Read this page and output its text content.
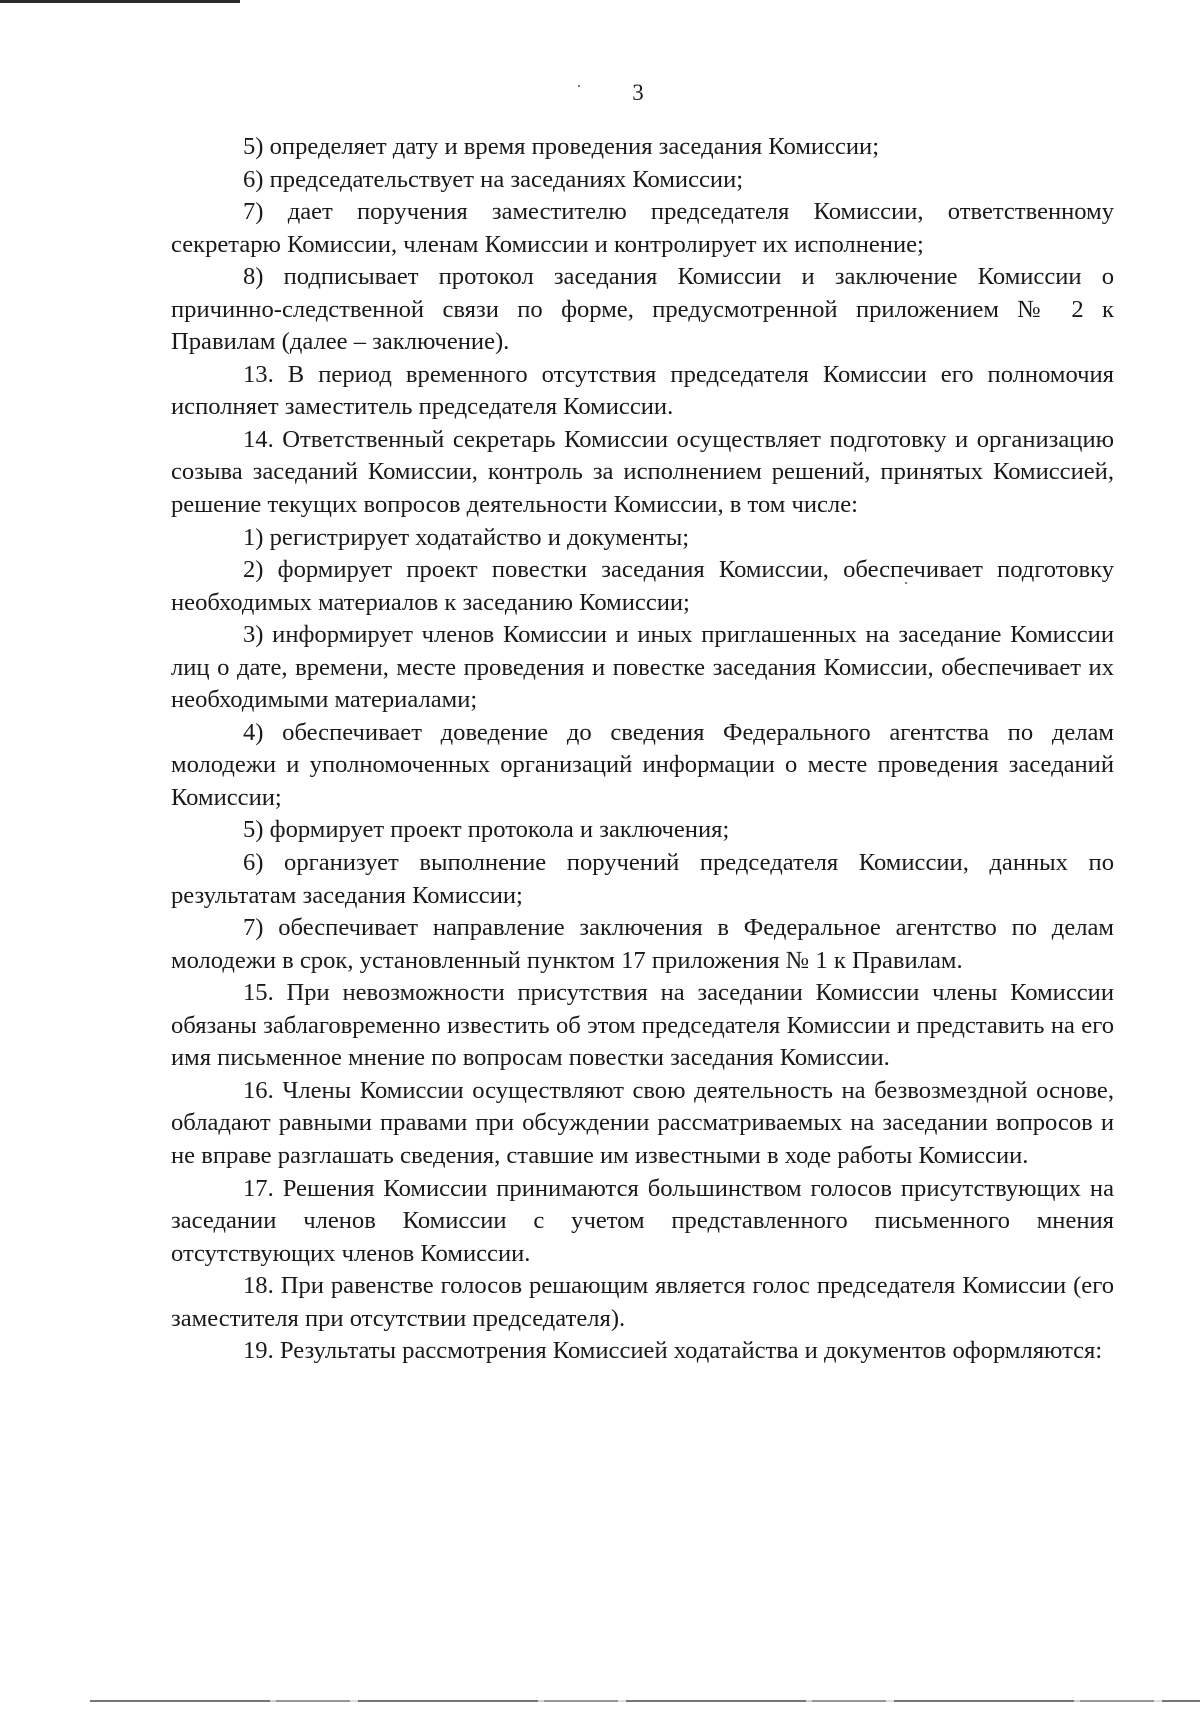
3

5) определяет дату и время проведения заседания Комиссии;

6) председательствует на заседаниях Комиссии;

7) дает поручения заместителю председателя Комиссии, ответственному секретарю Комиссии, членам Комиссии и контролирует их исполнение;

8) подписывает протокол заседания Комиссии и заключение Комиссии о причинно-следственной связи по форме, предусмотренной приложением № 2 к Правилам (далее – заключение).

13. В период временного отсутствия председателя Комиссии его полномочия исполняет заместитель председателя Комиссии.

14. Ответственный секретарь Комиссии осуществляет подготовку и организацию созыва заседаний Комиссии, контроль за исполнением решений, принятых Комиссией, решение текущих вопросов деятельности Комиссии, в том числе:

1) регистрирует ходатайство и документы;

2) формирует проект повестки заседания Комиссии, обеспечивает подготовку необходимых материалов к заседанию Комиссии;

3) информирует членов Комиссии и иных приглашенных на заседание Комиссии лиц о дате, времени, месте проведения и повестке заседания Комиссии, обеспечивает их необходимыми материалами;

4) обеспечивает доведение до сведения Федерального агентства по делам молодежи и уполномоченных организаций информации о месте проведения заседаний Комиссии;

5) формирует проект протокола и заключения;

6) организует выполнение поручений председателя Комиссии, данных по результатам заседания Комиссии;

7) обеспечивает направление заключения в Федеральное агентство по делам молодежи в срок, установленный пунктом 17 приложения № 1 к Правилам.

15. При невозможности присутствия на заседании Комиссии члены Комиссии обязаны заблаговременно известить об этом председателя Комиссии и представить на его имя письменное мнение по вопросам повестки заседания Комиссии.

16. Члены Комиссии осуществляют свою деятельность на безвозмездной основе, обладают равными правами при обсуждении рассматриваемых на заседании вопросов и не вправе разглашать сведения, ставшие им известными в ходе работы Комиссии.

17. Решения Комиссии принимаются большинством голосов присутствующих на заседании членов Комиссии с учетом представленного письменного мнения отсутствующих членов Комиссии.

18. При равенстве голосов решающим является голос председателя Комиссии (его заместителя при отсутствии председателя).

19. Результаты рассмотрения Комиссией ходатайства и документов оформляются:
